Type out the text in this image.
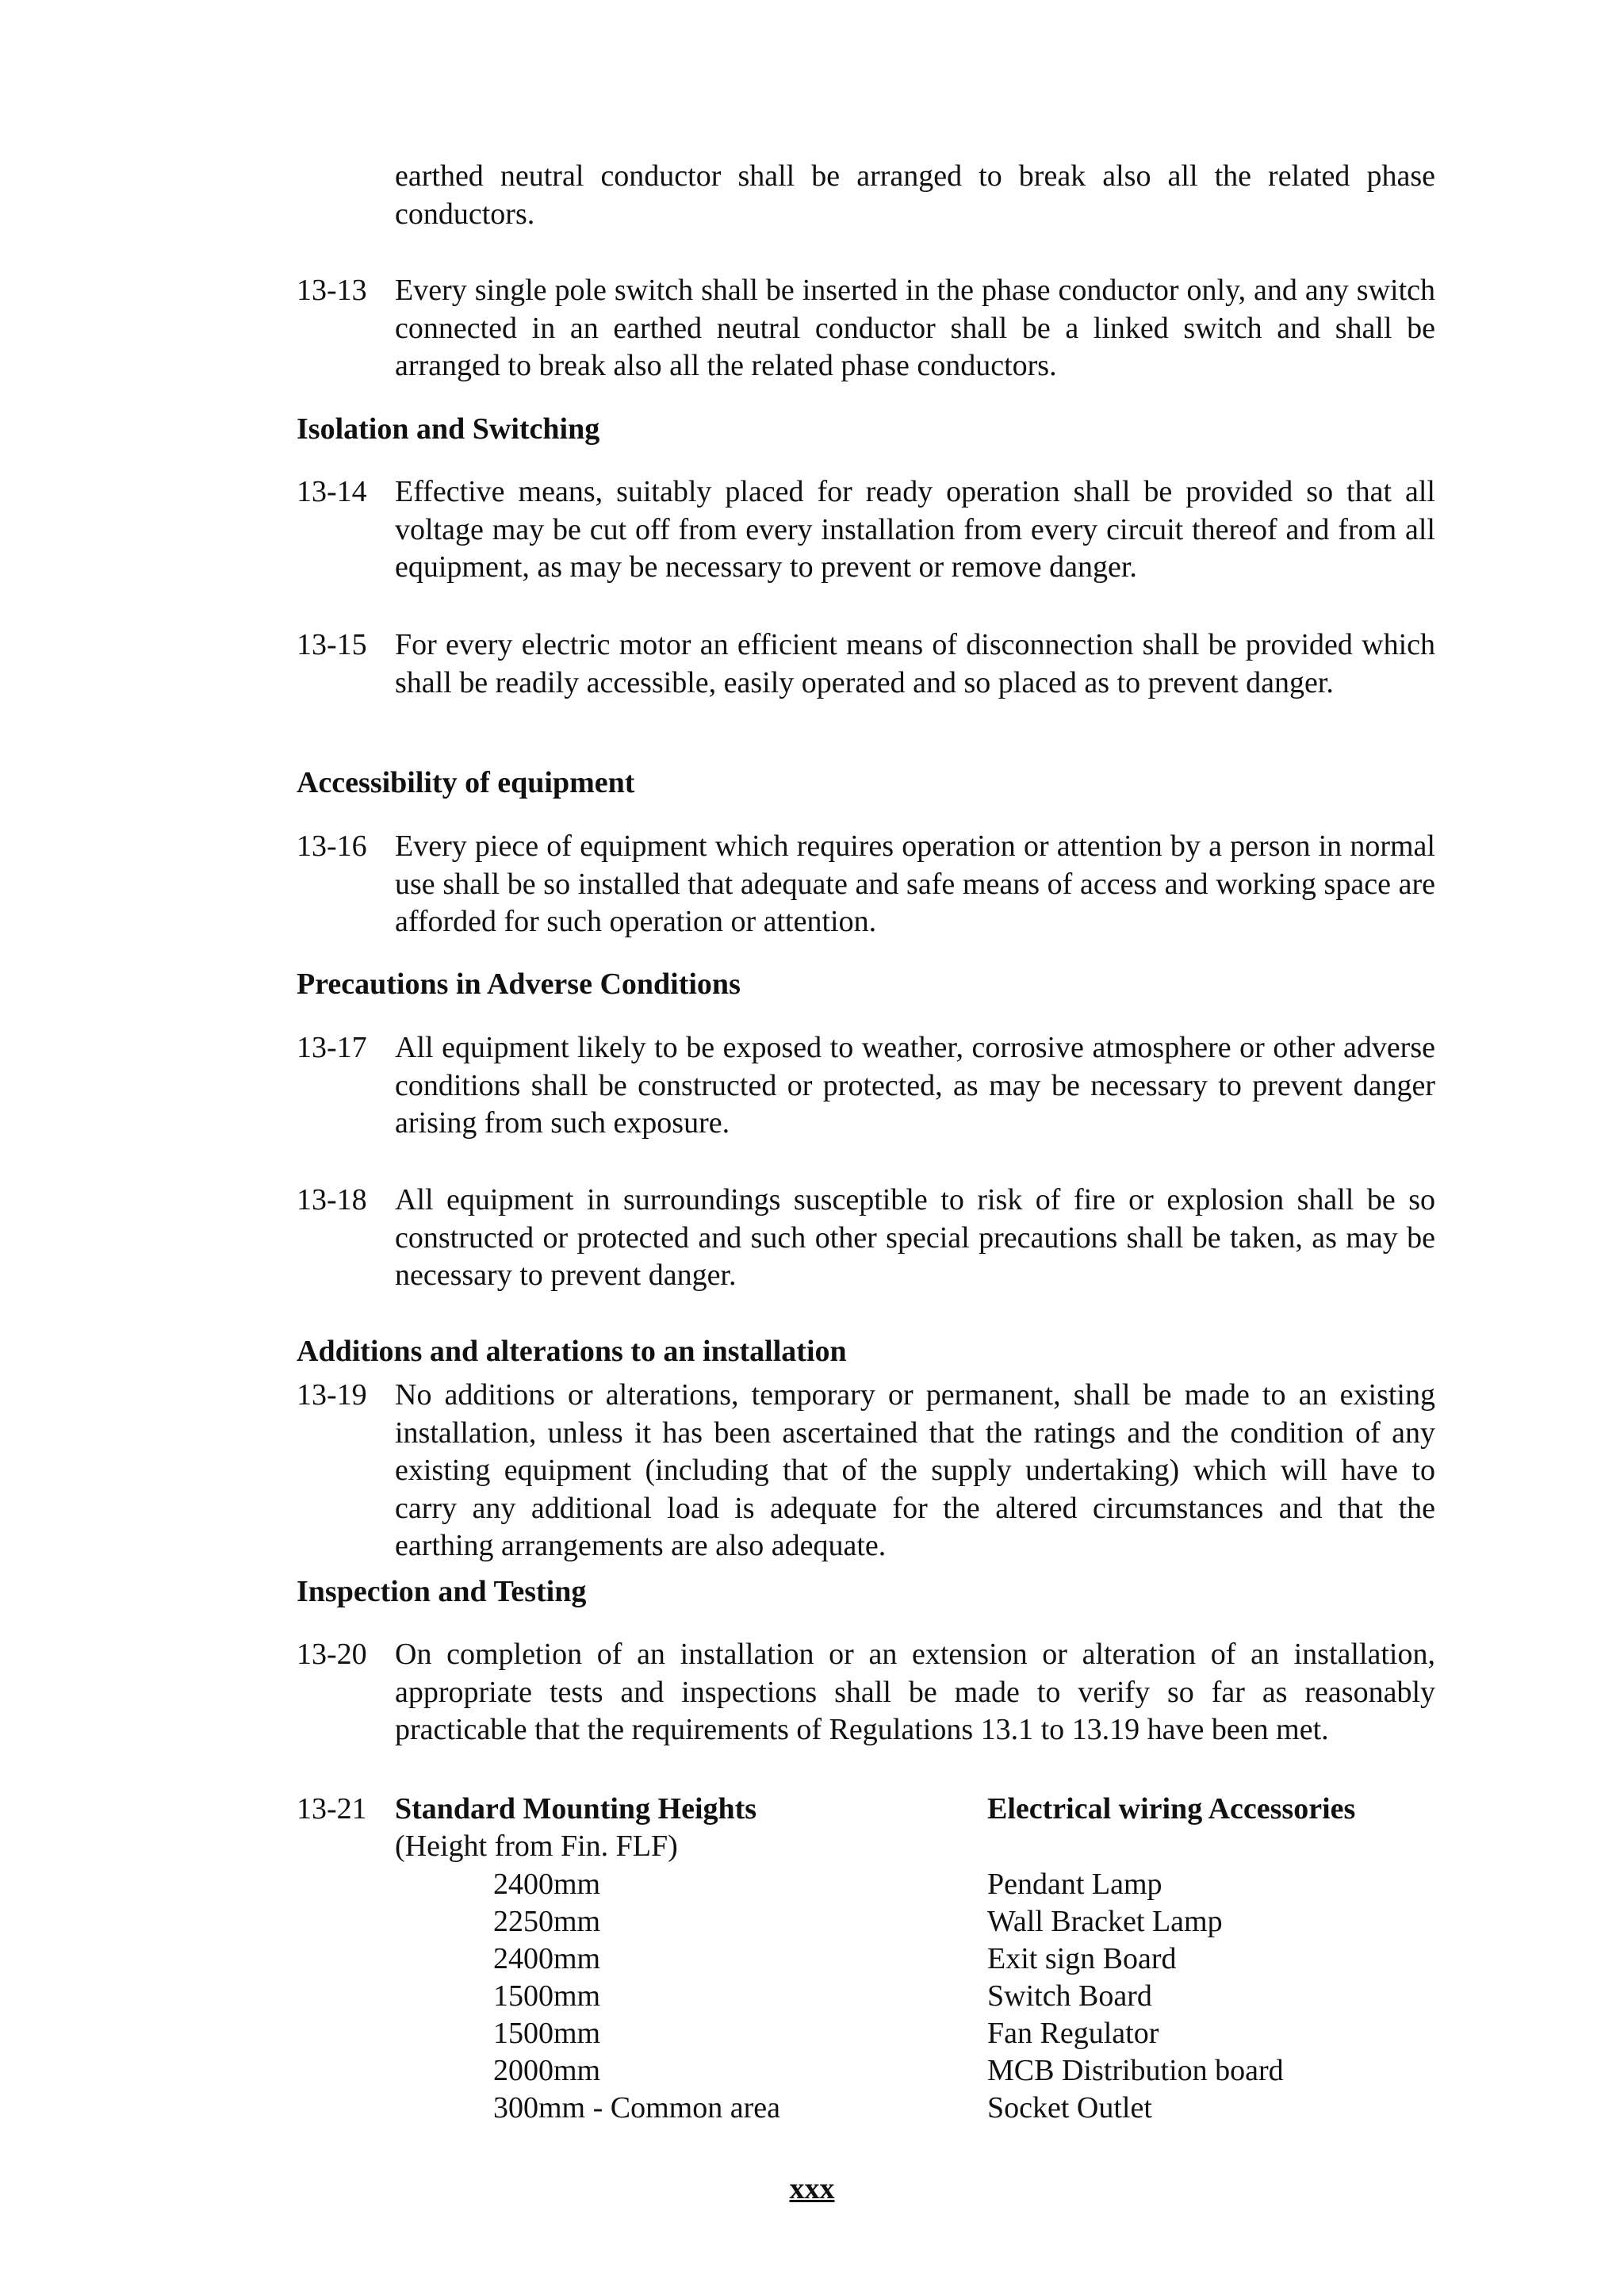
earthed neutral conductor shall be arranged to break also all the related phase conductors.
13-13 Every single pole switch shall be inserted in the phase conductor only, and any switch connected in an earthed neutral conductor shall be a linked switch and shall be arranged to break also all the related phase conductors.
Isolation and Switching
13-14 Effective means, suitably placed for ready operation shall be provided so that all voltage may be cut off from every installation from every circuit thereof and from all equipment, as may be necessary to prevent or remove danger.
13-15 For every electric motor an efficient means of disconnection shall be provided which shall be readily accessible, easily operated and so placed as to prevent danger.
Accessibility of equipment
13-16 Every piece of equipment which requires operation or attention by a person in normal use shall be so installed that adequate and safe means of access and working space are afforded for such operation or attention.
Precautions in Adverse Conditions
13-17 All equipment likely to be exposed to weather, corrosive atmosphere or other adverse conditions shall be constructed or protected, as may be necessary to prevent danger arising from such exposure.
13-18 All equipment in surroundings susceptible to risk of fire or explosion shall be so constructed or protected and such other special precautions shall be taken, as may be necessary to prevent danger.
Additions and alterations to an installation
13-19 No additions or alterations, temporary or permanent, shall be made to an existing installation, unless it has been ascertained that the ratings and the condition of any existing equipment (including that of the supply undertaking) which will have to carry any additional load is adequate for the altered circumstances and that the earthing arrangements are also adequate.
Inspection and Testing
13-20 On completion of an installation or an extension or alteration of an installation, appropriate tests and inspections shall be made to verify so far as reasonably practicable that the requirements of Regulations 13.1 to 13.19 have been met.
13-21 Standard Mounting Heights	Electrical wiring Accessories
(Height from Fin. FLF)
2400mm	Pendant Lamp
2250mm	Wall Bracket Lamp
2400mm	Exit sign Board
1500mm	Switch Board
1500mm	Fan Regulator
2000mm	MCB Distribution board
300mm - Common area	Socket Outlet
xxx
